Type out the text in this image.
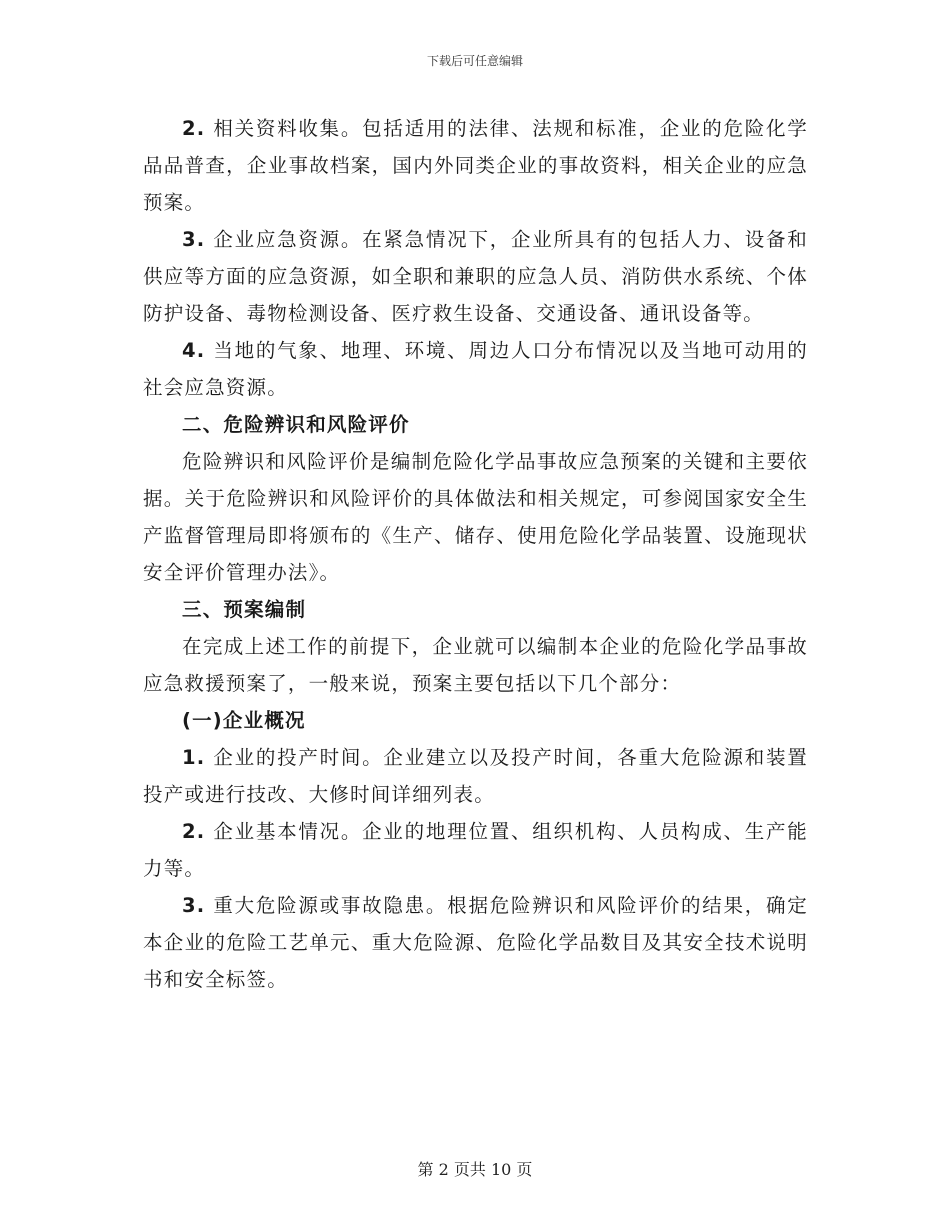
下载后可任意编辑

2. 相关资料收集。包括适用的法律、法规和标准，企业的危险化学品品普查，企业事故档案，国内外同类企业的事故资料，相关企业的应急预案。

3. 企业应急资源。在紧急情况下，企业所具有的包括人力、设备和供应等方面的应急资源，如全职和兼职的应急人员、消防供水系统、个体防护设备、毒物检测设备、医疗救生设备、交通设备、通讯设备等。

4. 当地的气象、地理、环境、周边人口分布情况以及当地可动用的社会应急资源。

二、危险辨识和风险评价

危险辨识和风险评价是编制危险化学品事故应急预案的关键和主要依据。关于危险辨识和风险评价的具体做法和相关规定，可参阅国家安全生产监督管理局即将颁布的《生产、储存、使用危险化学品装置、设施现状安全评价管理办法》。

三、预案编制

在完成上述工作的前提下，企业就可以编制本企业的危险化学品事故应急救援预案了，一般来说，预案主要包括以下几个部分：

(一)企业概况

1. 企业的投产时间。企业建立以及投产时间，各重大危险源和装置投产或进行技改、大修时间详细列表。

2. 企业基本情况。企业的地理位置、组织机构、人员构成、生产能力等。

3. 重大危险源或事故隐患。根据危险辨识和风险评价的结果，确定本企业的危险工艺单元、重大危险源、危险化学品数目及其安全技术说明书和安全标签。

第 2 页共 10 页
